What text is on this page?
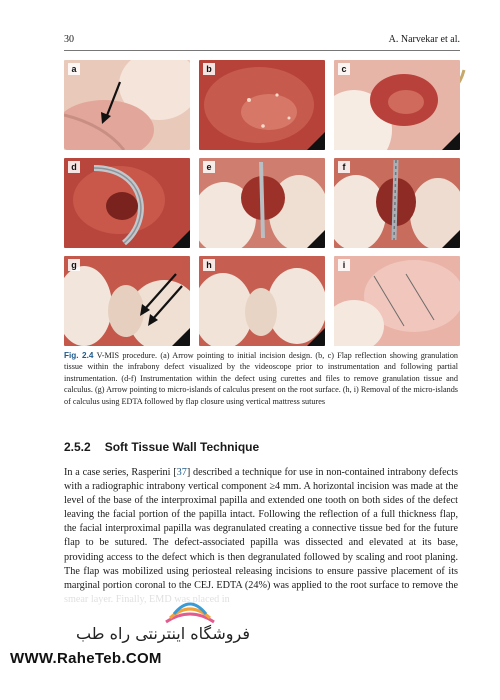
30	A. Narvekar et al.
a	b	c
d	e	f
g	h	i
Fig. 2.4 V-MIS procedure. (a) Arrow pointing to initial incision design. (b, c) Flap reflection showing granulation tissue within the infrabony defect visualized by the videoscope prior to instrumentation and following partial instrumentation. (d-f) Instrumentation within the defect using curettes and files to remove granulation tissue and calculus. (g) Arrow pointing to micro-islands of calculus present on the root surface. (h, i) Removal of the micro-islands of calculus using EDTA followed by flap closure using vertical mattress sutures
2.5.2 Soft Tissue Wall Technique
In a case series, Rasperini [37] described a technique for use in non-contained intrabony defects with a radiographic intrabony vertical component ≥4 mm. A horizontal incision was made at the level of the base of the interproximal papilla and extended one tooth on both sides of the defect leaving the facial portion of the papilla intact. Following the reflection of a full thickness flap, the facial interproximal papilla was degranulated creating a connective tissue bed for the future flap to be sutured. The defect-associated papilla was dissected and elevated at its base, providing access to the defect which is then degranulated followed by scaling and root planing. The flap was mobilized using periosteal releasing incisions to ensure passive placement of its marginal portion coronal to the CEJ. EDTA (24%) was applied to the root surface to remove the
فروشگاه اینترنتی راه طب
WWW.RaheTeb.COM
